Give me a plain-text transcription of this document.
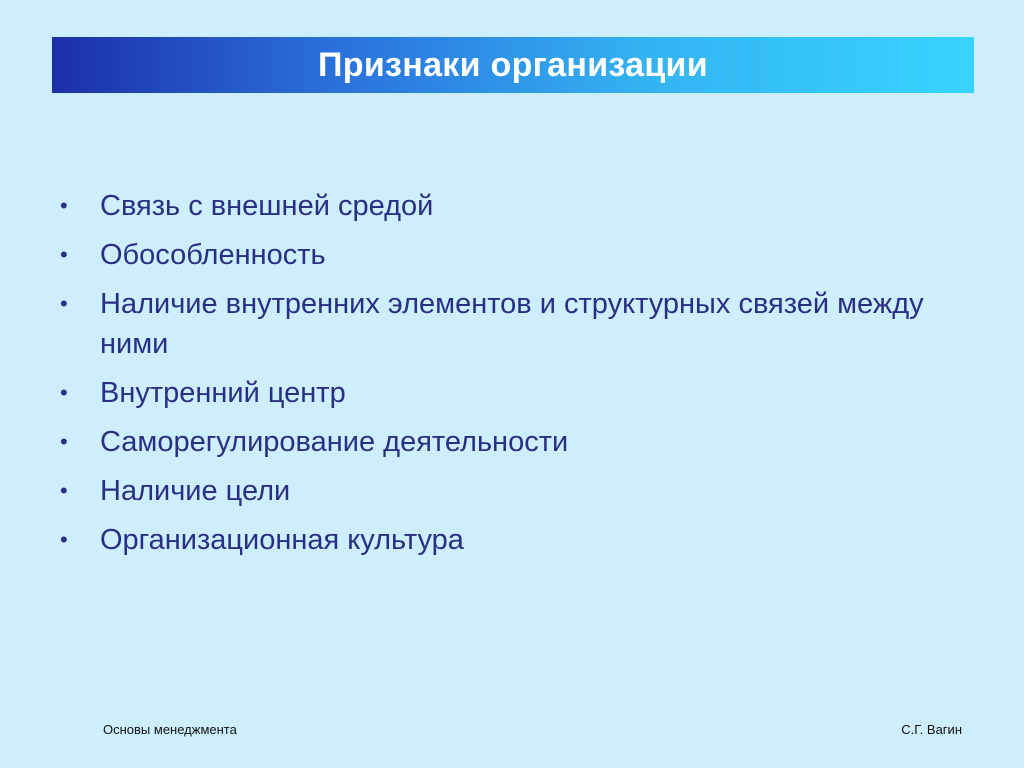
Признаки организации
• Связь с внешней средой
• Обособленность
• Наличие внутренних элементов и структурных связей между ними
• Внутренний центр
• Саморегулирование деятельности
• Наличие цели
• Организационная культура
Основы менеджмента	С.Г. Вагин
